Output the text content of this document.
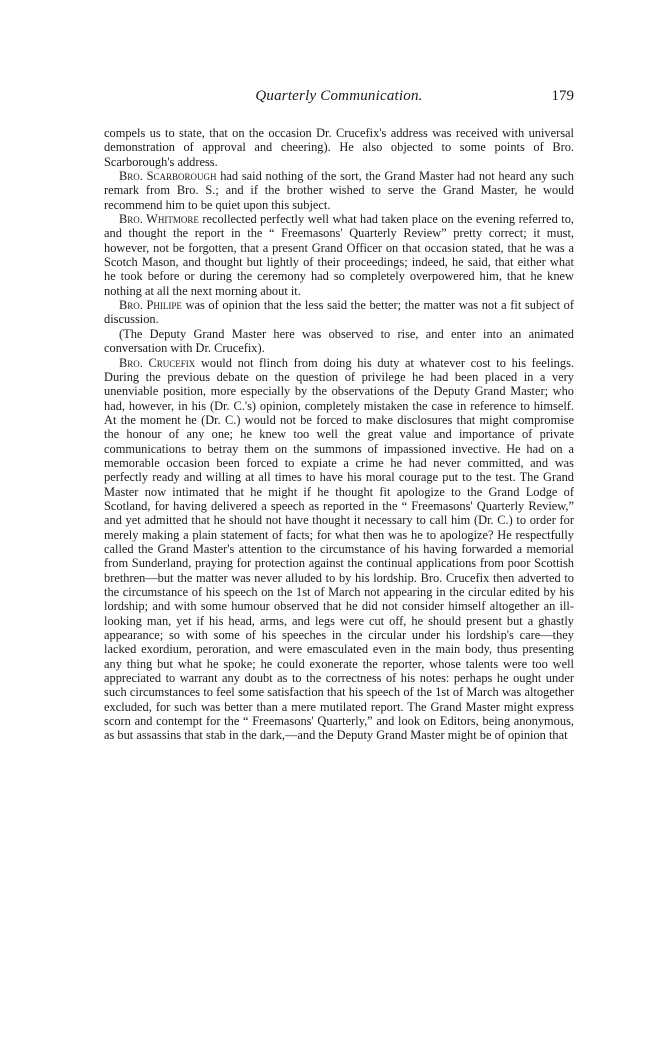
Quarterly Communication.	179

compels us to state, that on the occasion Dr. Crucefix's address was received with universal demonstration of approval and cheering). He also objected to some points of Bro. Scarborough's address.

Bro. Scarborough had said nothing of the sort, the Grand Master had not heard any such remark from Bro. S.; and if the brother wished to serve the Grand Master, he would recommend him to be quiet upon this subject.

Bro. Whitmore recollected perfectly well what had taken place on the evening referred to, and thought the report in the “ Freemasons' Quarterly Review” pretty correct; it must, however, not be forgotten, that a present Grand Officer on that occasion stated, that he was a Scotch Mason, and thought but lightly of their proceedings; indeed, he said, that either what he took before or during the ceremony had so completely overpowered him, that he knew nothing at all the next morning about it.

Bro. Philipe was of opinion that the less said the better; the matter was not a fit subject of discussion.

(The Deputy Grand Master here was observed to rise, and enter into an animated conversation with Dr. Crucefix).

Bro. Crucefix would not flinch from doing his duty at whatever cost to his feelings. During the previous debate on the question of privilege he had been placed in a very unenviable position, more especially by the observations of the Deputy Grand Master; who had, however, in his (Dr. C.'s) opinion, completely mistaken the case in reference to himself. At the moment he (Dr. C.) would not be forced to make disclosures that might compromise the honour of any one; he knew too well the great value and importance of private communications to betray them on the summons of impassioned invective. He had on a memorable occasion been forced to expiate a crime he had never committed, and was perfectly ready and willing at all times to have his moral courage put to the test. The Grand Master now intimated that he might if he thought fit apologize to the Grand Lodge of Scotland, for having delivered a speech as reported in the “ Freemasons' Quarterly Review,” and yet admitted that he should not have thought it necessary to call him (Dr. C.) to order for merely making a plain statement of facts; for what then was he to apologize? He respectfully called the Grand Master's attention to the circumstance of his having forwarded a memorial from Sunderland, praying for protection against the continual applications from poor Scottish brethren—but the matter was never alluded to by his lordship. Bro. Crucefix then adverted to the circumstance of his speech on the 1st of March not appearing in the circular edited by his lordship; and with some humour observed that he did not consider himself altogether an ill-looking man, yet if his head, arms, and legs were cut off, he should present but a ghastly appearance; so with some of his speeches in the circular under his lordship's care—they lacked exordium, peroration, and were emasculated even in the main body, thus presenting any thing but what he spoke; he could exonerate the reporter, whose talents were too well appreciated to warrant any doubt as to the correctness of his notes: perhaps he ought under such circumstances to feel some satisfaction that his speech of the 1st of March was altogether excluded, for such was better than a mere mutilated report. The Grand Master might express scorn and contempt for the “ Freemasons' Quarterly,” and look on Editors, being anonymous, as but assassins that stab in the dark,—and the Deputy Grand Master might be of opinion that
